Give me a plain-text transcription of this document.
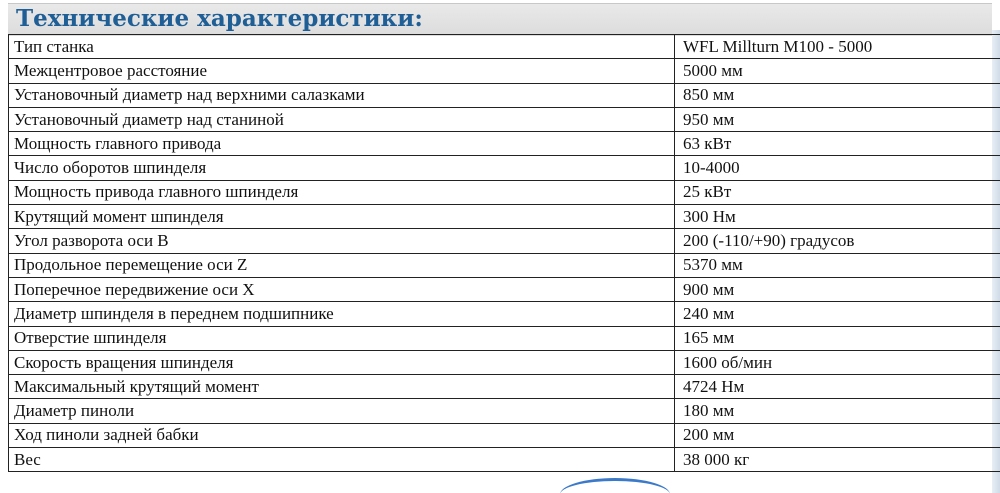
Технические характеристики:
Тип станка	WFL Millturn M100 - 5000
Межцентровое расстояние	5000 мм
Установочный диаметр над верхними салазками	850 мм
Установочный диаметр над станиной	950 мм
Мощность главного привода	63 кВт
Число оборотов шпинделя	10-4000
Мощность привода главного шпинделя	25 кВт
Крутящий момент шпинделя	300 Нм
Угол разворота оси В	200 (-110/+90) градусов
Продольное перемещение оси Z	5370 мм
Поперечное передвижение оси Х	900 мм
Диаметр шпинделя в переднем подшипнике	240 мм
Отверстие шпинделя	165 мм
Скорость вращения шпинделя	1600 об/мин
Максимальный крутящий момент	4724 Нм
Диаметр пиноли	180 мм
Ход пиноли задней бабки	200 мм
Вес	38 000 кг
